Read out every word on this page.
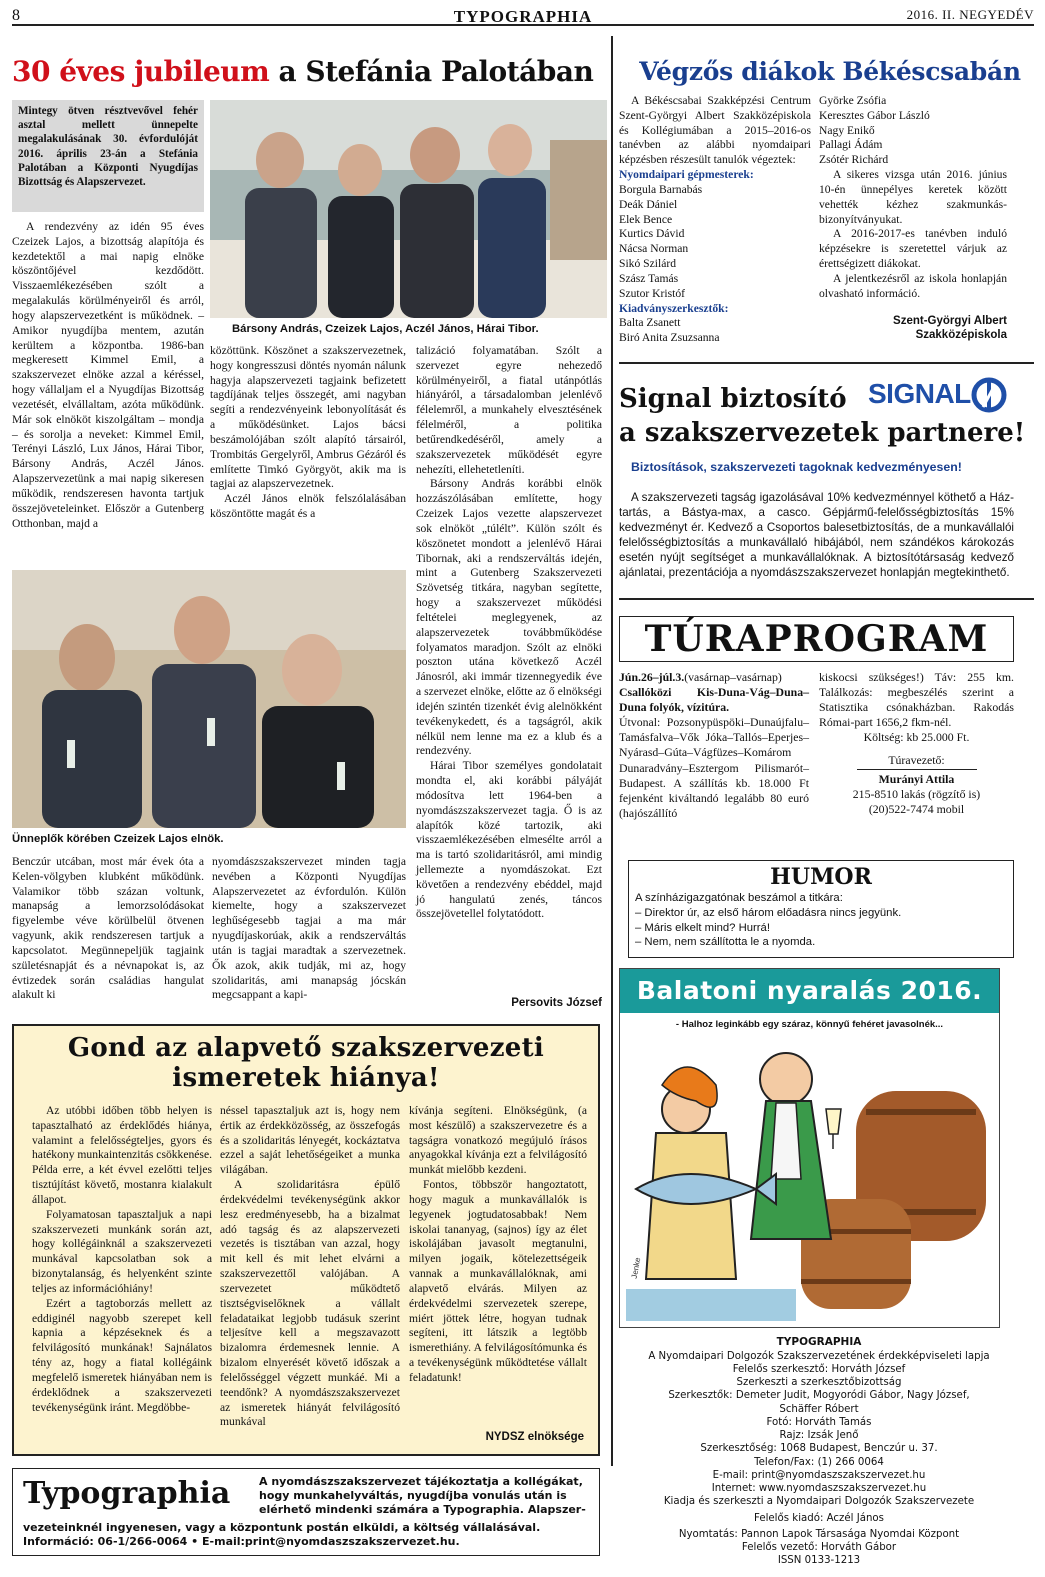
8	TYPOGRAPHIA	2016. II. NEGYEDÉV
30 éves jubileum a Stefánia Palotában
Mintegy ötven résztvevővel fehér asztal mellett ünnepelte megalakulásának 30. évfordulóját 2016. április 23-án a Stefánia Palotában a Központi Nyugdíjas Bizottság és Alapszervezet.

A rendezvény az idén 95 éves Czeizek Lajos, a bizottság alapítója és kezdetektől a mai napig elnöke köszöntőjével kezdődött. Visszaemlékezésében szólt a megalakulás körülményeiről és arról, hogy alapszervezetként is működnek. – Amikor nyugdíjba mentem, azután kerültem a központba. 1986-ban megkeresett Kimmel Emil, a szakszervezet elnöke azzal a kéréssel, hogy vállaljam el a Nyugdíjas Bizottság vezetését, elvállaltam, azóta működünk. Már sok elnököt kiszolgáltam – mondja – és sorolja a neveket: Kimmel Emil, Terényi László, Lux János, Hárai Tibor, Bársony András, Aczél János. Alapszervezetünk a mai napig sikeresen működik, rendszeresen havonta tartjuk összejöveteleinket. Először a Gutenberg Otthonban, majd a

Bársony András, Czeizek Lajos, Aczél János, Hárai Tibor.

közöttünk. Köszönet a szakszervezetnek, hogy kongresszusi döntés nyomán nálunk hagyja alapszervezeti tagjaink befizetett tagdíjának teljes összegét, ami nagyban segíti a rendezvényeink lebonyolítását és a működésünket. Lajos bácsi beszámolójában szólt alapító társairól, Trombitás Gergelyről, Ambrus Gézáról és említette Timkó Györgyöt, akik ma is tagjai az alapszervezetnek.

Aczél János elnök felszólalásában köszöntötte magát és a

talizáció folyamatában. Szólt a szervezet egyre nehezedő körülményeiről, a fiatal utánpótlás hiányáról, a társadalomban jelenlévő félelemről, a munkahely elvesztésének félelméről, a politika betűrendkedéséről, amely a szakszervezetek működését egyre nehezíti, ellehetetleníti.

Bársony András korábbi elnök hozzászólásában említette, hogy Czeizek Lajos vezette alapszervezet sok elnököt „túlélt”. Külön szólt és köszönetet mondott a jelenlévő Hárai Tibornak, aki a rendszerváltás idején, mint a Gutenberg Szakszervezeti Szövetség titkára, nagyban segítette, hogy a szakszervezet működési feltételei meglegyenek, az alapszervezetek továbbműködése folyamatos maradjon. Szólt az elnöki poszton utána következő Aczél Jánosról, aki immár tizennegyedik éve a szervezet elnöke, előtte az ő elnökségi idején szintén tizenkét évig alelnökként tevékenykedett, és a tagságról, akik nélkül nem lenne ma ez a klub és a rendezvény.

Hárai Tibor személyes gondolatait mondta el, aki korábbi pályáját módosítva lett 1964-ben a nyomdászszakszervezet tagja. Ő is az alapítók közé tartozik, aki visszaemlékezésében elmesélte arról a ma is tartó szolidaritásról, ami mindig jellemezte a nyomdászokat. Ezt követően a rendezvény ebéddel, majd jó hangulatú zenés, táncos összejövetellel folytatódott.

Persovits József
Ünneplők körében Czeizek Lajos elnök.

Benczúr utcában, most már évek óta a Kelen-völgyben klubként működünk. Valamikor több százan voltunk, manapság a lemorzsolódásokat figyelembe véve körülbelül ötvenen vagyunk, akik rendszeresen tartjuk a kapcsolatot. Megünnepeljük tagjaink születésnapját és a névnapokat is, az évtizedek során családias hangulat alakult ki

nyomdászszakszervezet minden tagja nevében a Központi Nyugdíjas Alapszervezetet az évfordulón. Külön kiemelte, hogy a szakszervezet leghűségesebb tagjai a ma már nyugdíjaskorúak, akik a rendszerváltás után is tagjai maradtak a szervezetnek. Ők azok, akik tudják, mi az, hogy szolidaritás, ami manapság jócskán megcsappant a kapi-

Végzős diákok Békéscsabán

A Békéscsabai Szakképzési Centrum Szent-Györgyi Albert Szakközépiskola és Kollégiumában a 2015–2016-os tanévben az alábbi nyomdaipari képzésben részesült tanulók végeztek:

Nyomdaipari gépmesterek:
Borgula Barnabás
Deák Dániel
Elek Bence
Kurtics Dávid
Nácsa Norman
Sikó Szilárd
Szász Tamás
Szutor Kristóf
Kiadványszerkesztők:
Balta Zsanett
Biró Anita Zsuzsanna
Györke Zsófia
Keresztes Gábor László
Nagy Enikő
Pallagi Ádám
Zsótér Richárd

A sikeres vizsga után 2016. június 10-én ünnepélyes keretek között vehették kézhez szakmunkás-bizonyítványukat.

A 2016-2017-es tanévben induló képzésekre is szeretettel várjuk az érettségizett diákokat.

A jelentkezésről az iskola honlapján olvasható információ.

Szent-Györgyi Albert
Szakközépiskola
Signal biztosító SIGNAL
a szakszervezetek partnere!
Biztosítások, szakszervezeti tagoknak kedvezményesen!
A szakszervezeti tagság igazolásával 10% kedvezménnyel köthető a Ház-tartás, a Bástya-max, a casco. Gépjármű-felelősségbiztosítás 15% kedvezményt ér. Kedvező a Csoportos balesetbiztosítás, de a munkavállalói felelősségbiztosítás a munkavállaló hibájából, nem szándékos károkozás esetén nyújt segítséget a munkavállalóknak. A biztosítótársaság kedvező ajánlatai, prezentációja a nyomdászszakszervezet honlapján megtekinthető.
TÚRAPROGRAM

Jún.26–júl.3.(vasárnap–vasárnap) Csallóközi Kis-Duna-Vág–Duna–Duna folyók, vízitúra.

Útvonal: Pozsonypüspöki–Dunaújfalu–Tamásfalva–Vők Jóka–Tallós–Eperjes–Nyárasd–Gúta–Vágfüzes–Komárom Dunaradvány–Esztergom Pilismarót–Budapest. A szállítás kb. 18.000 Ft fejenként kiváltandó legalább 80 euró (hajószállító

kiskocsi szükséges!) Táv: 255 km. Találkozás: megbeszélés szerint a Statisztika csónakházban. Rakodás Római-part 1656,2 fkm-nél.

Költség: kb 25.000 Ft.

Túravezető:
Murányi Attila
215-8510 lakás (rögzítő is)
(20)522-7474 mobil
HUMOR
A színházigazgatónak beszámol a titkára:
– Direktor úr, az első három előadásra nincs jegyünk.
– Máris elkelt mind? Hurrá!
– Nem, nem szállította le a nyomda.
Balatoni nyaralás 2016.
- Halhoz leginkább egy száraz, könnyű fehéret javasolnék...
Jenke
Gond az alapvető szakszervezeti
ismeretek hiánya!

Az utóbbi időben több helyen is tapasztalható az érdeklődés hiánya, valamint a felelősségteljes, gyors és hatékony munkaintenzitás csökkenése. Példa erre, a két évvel ezelőtti teljes tisztújítást követő, mostanra kialakult állapot.

Folyamatosan tapasztaljuk a napi szakszervezeti munkánk során azt, hogy kollégáinknál a szakszervezeti munkával kapcsolatban sok a bizonytalanság, és helyenként szinte teljes az információhiány!

Ezért a tagtoborzás mellett az eddiginél nagyobb szerepet kell kapnia a képzéseknek és a felvilágosító munkának! Sajnálatos tény az, hogy a fiatal kollégáink megfelelő ismeretek hiányában nem is érdeklődnek a szakszervezeti tevékenységünk iránt. Megdöbbe-

néssel tapasztaljuk azt is, hogy nem értik az érdekközösség, az összefogás és a szolidaritás lényegét, kockáztatva ezzel a saját lehetőségeiket a munka világában.

A szolidaritásra épülő érdekvédelmi tevékenységünk akkor lesz eredményesebb, ha a bizalmat adó tagság és az alapszervezeti vezetés is tisztában van azzal, hogy mit kell és mit lehet elvárni a szakszervezettől valójában. A szervezetet működtető tisztségviselőknek a vállalt feladataikat legjobb tudásuk szerint teljesítve kell a megszavazott bizalomra érdemesnek lennie. A bizalom elnyerését követő időszak a felelősséggel végzett munkáé. Mi a teendőnk? A nyomdászszakszervezet az ismeretek hiányát felvilágosító munkával

kívánja segíteni. Elnökségünk, (a most készülő) a szakszervezetre és a tagságra vonatkozó megújuló írásos anyagokkal kívánja ezt a felvilágosító munkát mielőbb kezdeni.

Fontos, többször hangoztatott, hogy maguk a munkavállalók is legyenek jogtudatosabbak! Nem iskolai tananyag, (sajnos) így az élet iskolájában javasolt megtanulni, milyen jogaik, kötelezettségeik vannak a munkavállalóknak, ami alapvető elvárás. Milyen az érdekvédelmi szervezetek szerepe, miért jöttek létre, hogyan tudnak segíteni, itt látszik a legtöbb ismerethiány. A felvilágosítómunka és a tevékenységünk működtetése vállalt feladatunk!

NYDSZ elnöksége
TYPOGRAPHIA
A Nyomdaipari Dolgozók Szakszervezetének érdekképviseleti lapja
Felelős szerkesztő: Horváth József
Szerkeszti a szerkesztőbizottság
Szerkesztők: Demeter Judit, Mogyoródi Gábor, Nagy József,
Schäffer Róbert
Fotó: Horváth Tamás
Rajz: Izsák Jenő
Szerkesztőség: 1068 Budapest, Benczúr u. 37.
Telefon/Fax: (1) 266 0064
E-mail: print@nyomdaszszakszervezet.hu
Internet: www.nyomdaszszakszervezet.hu
Kiadja és szerkeszti a Nyomdaipari Dolgozók Szakszervezete
Felelős kiadó: Aczél János
Nyomtatás: Pannon Lapok Társasága Nyomdai Központ
Felelős vezető: Horváth Gábor
ISSN 0133-1213
Typographia	A nyomdászszakszervezet tájékoztatja a kollégákat, hogy munkahelyváltás, nyugdíjba vonulás után is elérhető mindenki számára a Typographia. Alapszer-
vezeteinknél ingyenesen, vagy a központunk postán elküldi, a költség vállalásával. Információ: 06-1/266-0064 • E-mail:print@nyomdaszszakszervezet.hu.
